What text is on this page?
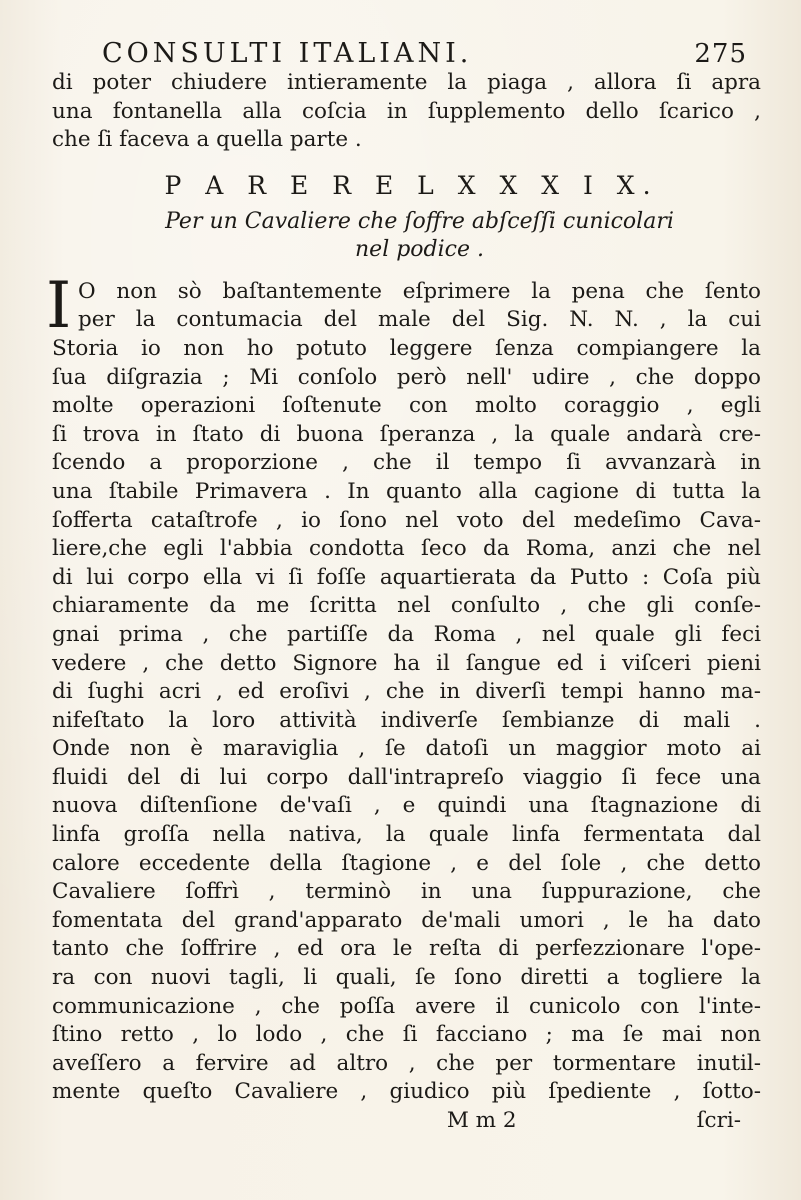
CONSULTI ITALIANI.	275
di poter chiudere intieramente la piaga , allora ſi apra
una fontanella alla coſcia in ſupplemento dello ſcarico ,
che ſi faceva a quella parte .
P A R E R E L X X X I X.
Per un Cavaliere che ſoffre abſceſſi cunicolari
nel podice .
I O non sò baſtantemente eſprimere la pena che ſento
per la contumacia del male del Sig. N. N. , la cui
Storia io non ho potuto leggere ſenza compiangere la
ſua diſgrazia ; Mi conſolo però nell' udire , che doppo
molte operazioni ſoſtenute con molto coraggio , egli
ſi trova in ſtato di buona ſperanza , la quale andarà cre-
ſcendo a proporzione , che il tempo ſi avvanzarà in
una ſtabile Primavera . In quanto alla cagione di tutta la
ſofferta cataſtrofe , io ſono nel voto del medeſimo Cava-
liere,che egli l'abbia condotta ſeco da Roma, anzi che nel
di lui corpo ella vi ſi foſſe aquartierata da Putto : Coſa più
chiaramente da me ſcritta nel conſulto , che gli conſe-
gnai prima , che partiſſe da Roma , nel quale gli feci
vedere , che detto Signore ha il ſangue ed i viſceri pieni
di ſughi acri , ed eroſivi , che in diverſi tempi hanno ma-
nifeſtato la loro attività indiverſe ſembianze di mali .
Onde non è maraviglia , ſe datoſi un maggior moto ai
fluidi del di lui corpo dall'intrapreſo viaggio ſi fece una
nuova diſtenſione de'vaſi , e quindi una ſtagnazione di
linfa groſſa nella nativa, la quale linfa fermentata dal
calore eccedente della ſtagione , e del ſole , che detto
Cavaliere ſoffrì , terminò in una ſuppurazione, che
fomentata del grand'apparato de'mali umori , le ha dato
tanto che ſoffrire , ed ora le reſta di perfezzionare l'ope-
ra con nuovi tagli, li quali, ſe ſono diretti a togliere la
communicazione , che poſſa avere il cunicolo con l'inte-
ſtino retto , lo lodo , che ſi facciano ; ma ſe mai non
aveſſero a fervire ad altro , che per tormentare inutil-
mente queſto Cavaliere , giudico più ſpediente , ſotto-
M m 2	ſcri-
